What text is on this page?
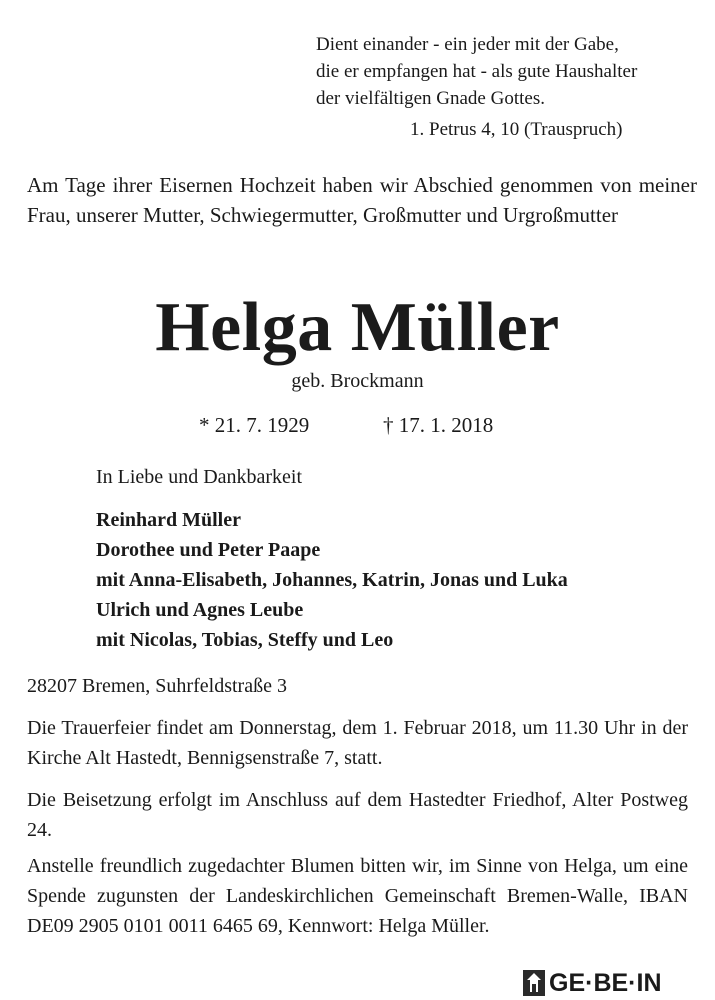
Dient einander - ein jeder mit der Gabe,
die er empfangen hat - als gute Haushalter
der vielfältigen Gnade Gottes.
1. Petrus 4, 10 (Trauspruch)
Am Tage ihrer Eisernen Hochzeit haben wir Abschied genommen von meiner Frau, unserer Mutter, Schwiegermutter, Großmutter und Urgroßmutter
Helga Müller
geb. Brockmann
* 21. 7. 1929	† 17. 1. 2018
In Liebe und Dankbarkeit
Reinhard Müller
Dorothee und Peter Paape
mit Anna-Elisabeth, Johannes, Katrin, Jonas und Luka
Ulrich und Agnes Leube
mit Nicolas, Tobias, Steffy und Leo
28207 Bremen, Suhrfeldstraße 3
Die Trauerfeier findet am Donnerstag, dem 1. Februar 2018, um 11.30 Uhr in der Kirche Alt Hastedt, Bennigsenstraße 7, statt.
Die Beisetzung erfolgt im Anschluss auf dem Hastedter Friedhof, Alter Postweg 24.
Anstelle freundlich zugedachter Blumen bitten wir, im Sinne von Helga, um eine Spende zugunsten der Landeskirchlichen Gemeinschaft Bremen-Walle, IBAN DE09 2905 0101 0011 6465 69, Kennwort: Helga Müller.
GE·BE·IN
